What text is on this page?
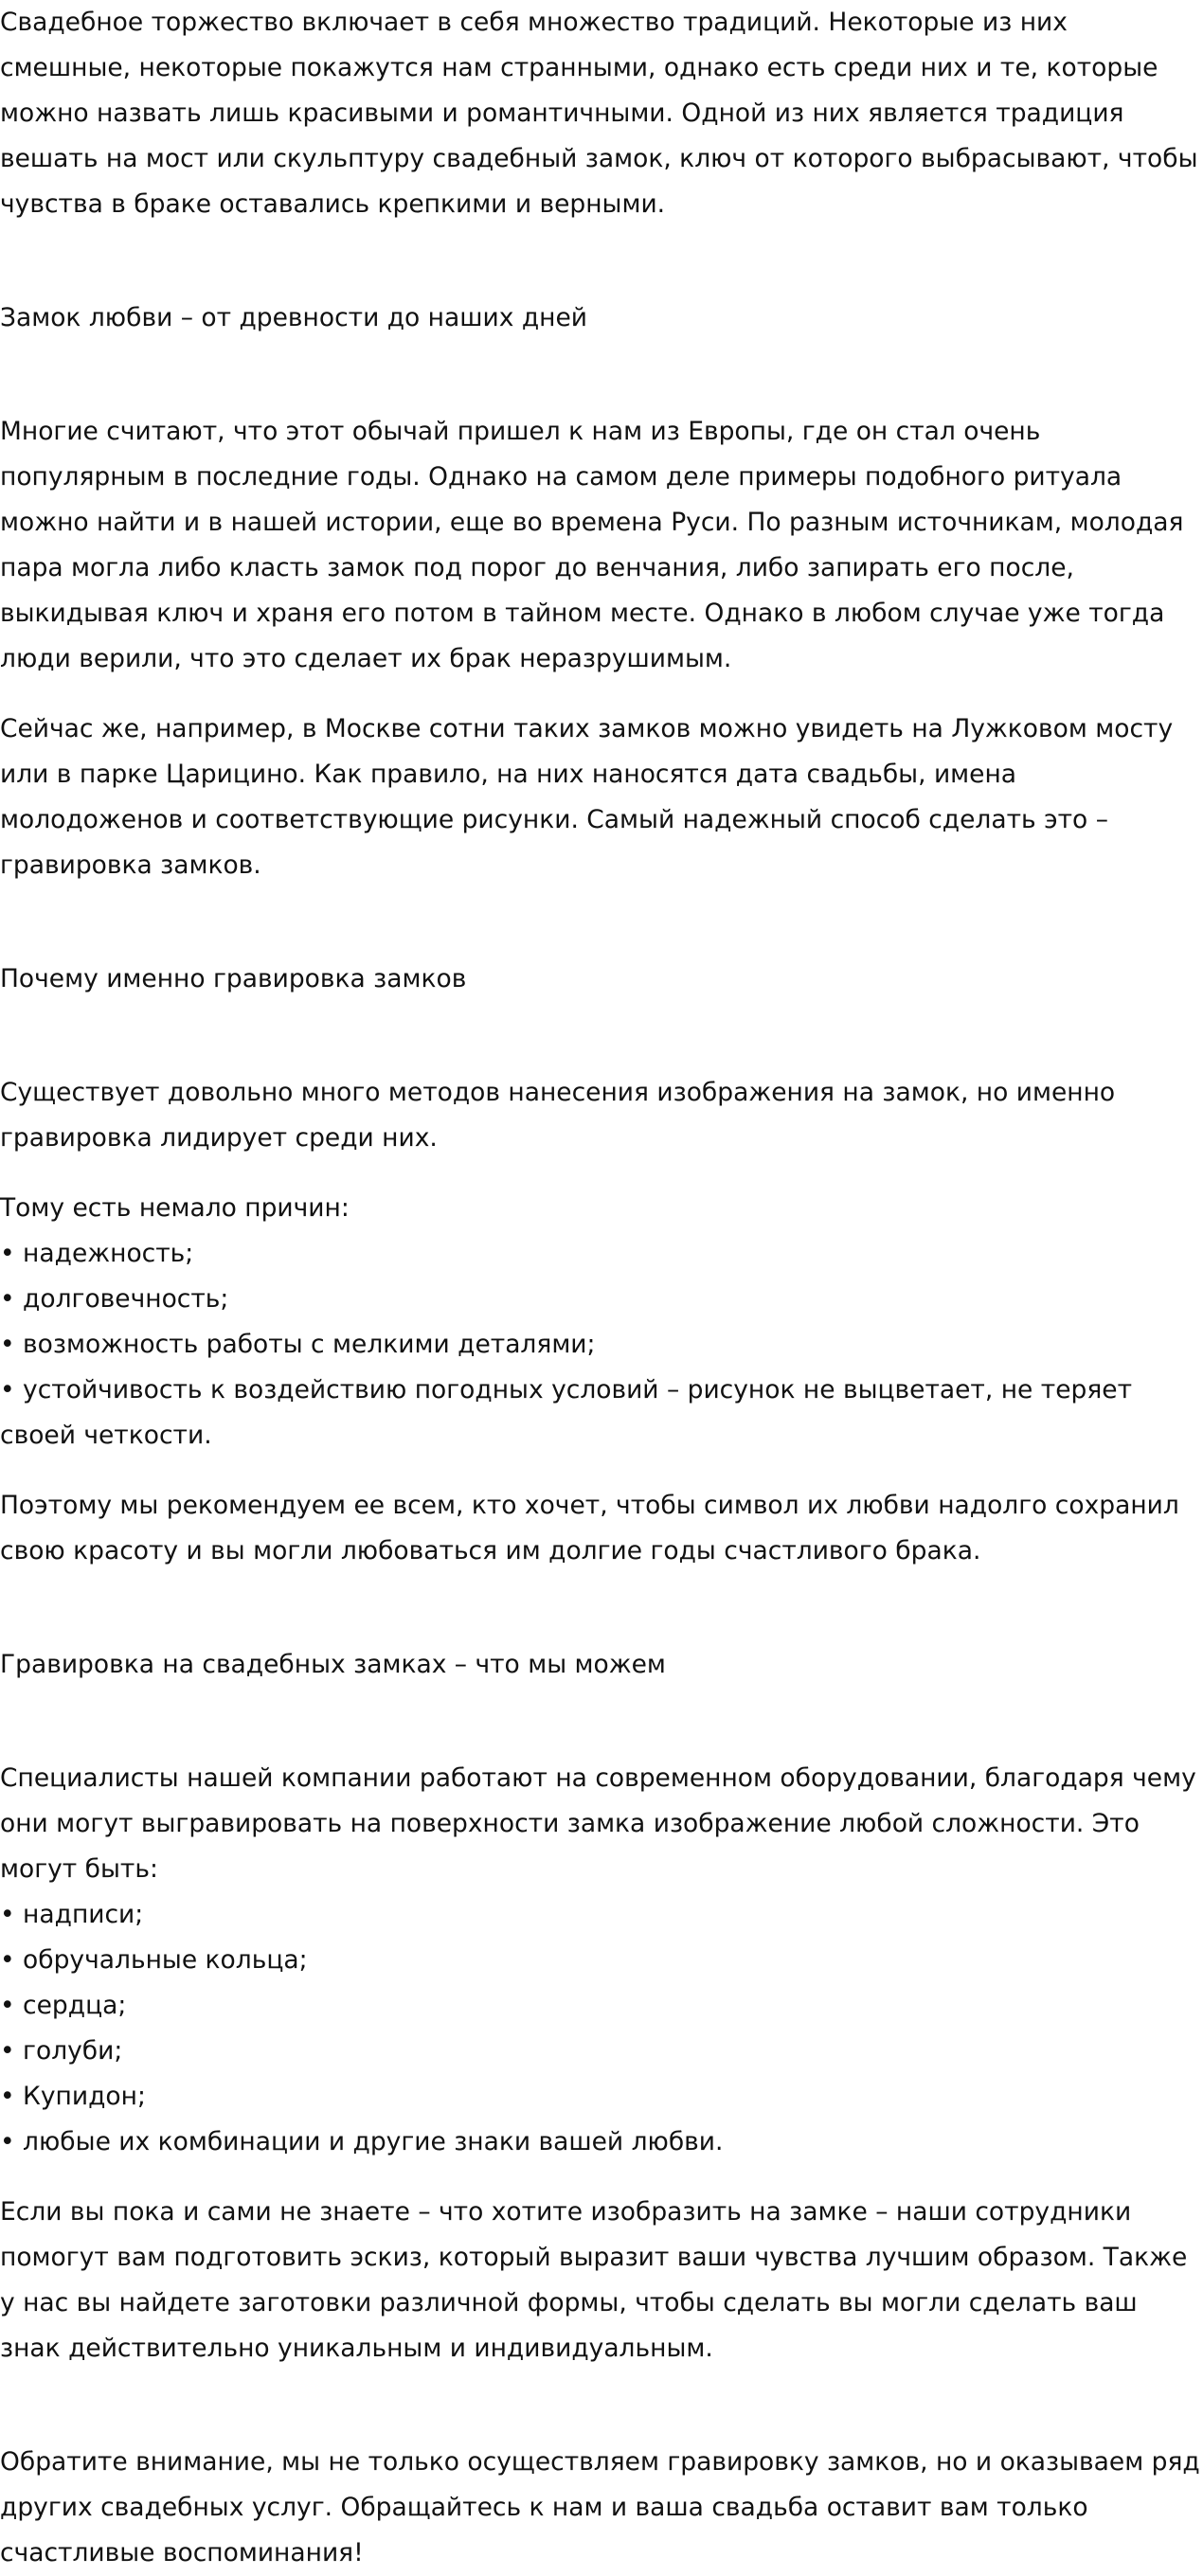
Свадебное торжество включает в себя множество традиций. Некоторые из них смешные, некоторые покажутся нам странными, однако есть среди них и те, которые можно назвать лишь красивыми и романтичными. Одной из них является традиция вешать на мост или скульптуру свадебный замок, ключ от которого выбрасывают, чтобы чувства в браке оставались крепкими и верными.

Замок любви – от древности до наших дней

Многие считают, что этот обычай пришел к нам из Европы, где он стал очень популярным в последние годы. Однако на самом деле примеры подобного ритуала можно найти и в нашей истории, еще во времена Руси. По разным источникам, молодая пара могла либо класть замок под порог до венчания, либо запирать его после, выкидывая ключ и храня его потом в тайном месте. Однако в любом случае уже тогда люди верили, что это сделает их брак неразрушимым.

Сейчас же, например, в Москве сотни таких замков можно увидеть на Лужковом мосту или в парке Царицино. Как правило, на них наносятся дата свадьбы, имена молодоженов и соответствующие рисунки. Самый надежный способ сделать это – гравировка замков.

Почему именно гравировка замков

Существует довольно много методов нанесения изображения на замок, но именно гравировка лидирует среди них.

Тому есть немало причин:
• надежность;
• долговечность;
• возможность работы с мелкими деталями;
• устойчивость к воздействию погодных условий – рисунок не выцветает, не теряет своей четкости.

Поэтому мы рекомендуем ее всем, кто хочет, чтобы символ их любви надолго сохранил свою красоту и вы могли любоваться им долгие годы счастливого брака.

Гравировка на свадебных замках – что мы можем
Специалисты нашей компании работают на современном оборудовании, благодаря чему они могут выгравировать на поверхности замка изображение любой сложности. Это могут быть:
• надписи;
• обручальные кольца;
• сердца;
• голуби;
• Купидон;
• любые их комбинации и другие знаки вашей любви.

Если вы пока и сами не знаете – что хотите изобразить на замке – наши сотрудники помогут вам подготовить эскиз, который выразит ваши чувства лучшим образом. Также у нас вы найдете заготовки различной формы, чтобы сделать вы могли сделать ваш знак действительно уникальным и индивидуальным.

Обратите внимание, мы не только осуществляем гравировку замков, но и оказываем ряд других свадебных услуг. Обращайтесь к нам и ваша свадьба оставит вам только счастливые воспоминания!
